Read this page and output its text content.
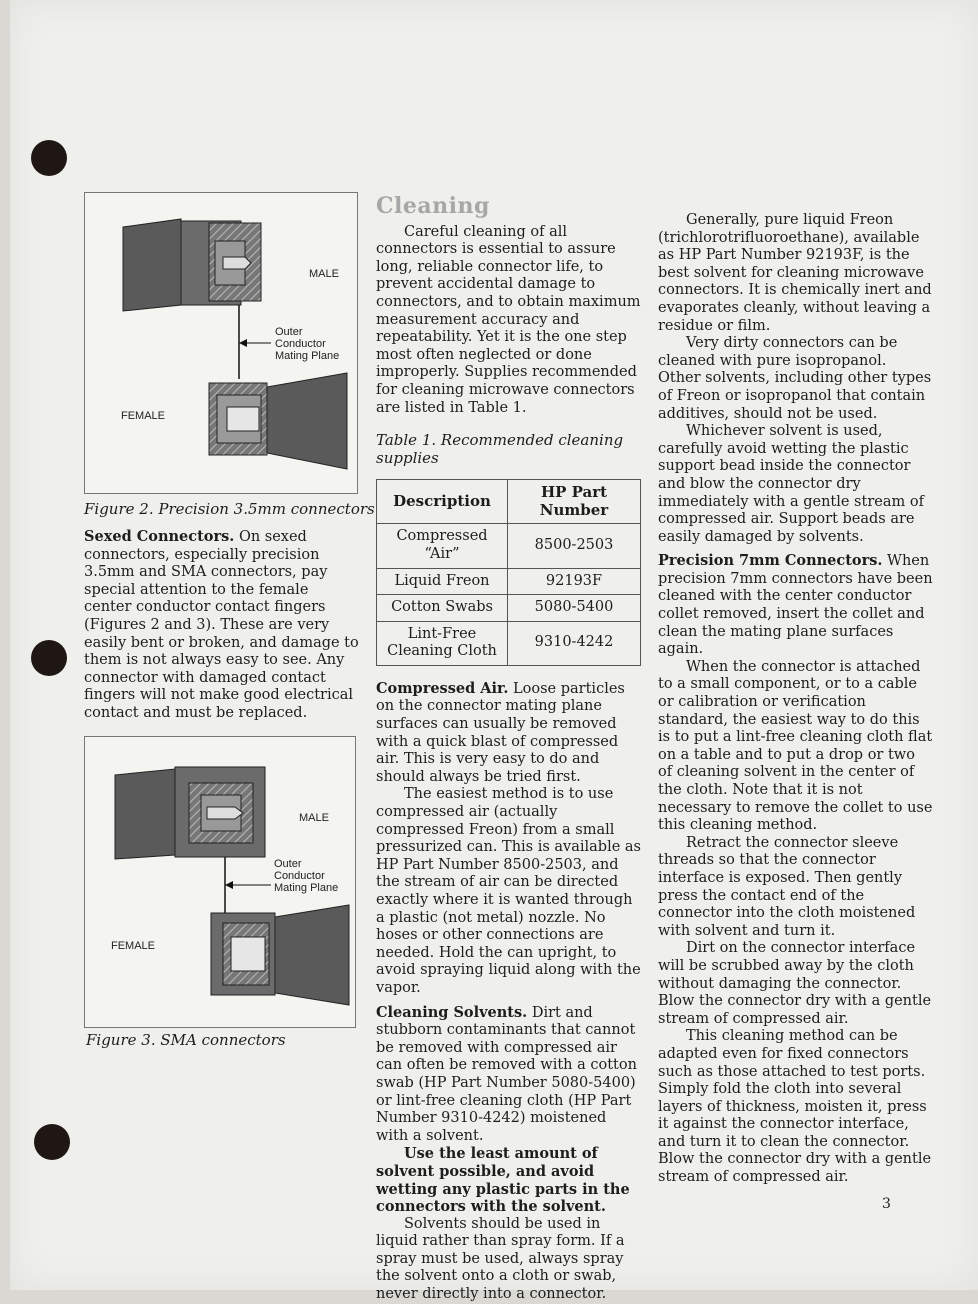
MALE
Outer
Conductor
Mating Plane
FEMALE
Figure 2. Precision 3.5mm connectors

Sexed Connectors. On sexed connectors, especially precision 3.5mm and SMA connectors, pay special attention to the female center conductor contact fingers (Figures 2 and 3). These are very easily bent or broken, and damage to them is not always easy to see. Any connector with damaged contact fingers will not make good electrical contact and must be replaced.

MALE
Outer
Conductor
Mating Plane
FEMALE
Figure 3. SMA connectors
Cleaning

Careful cleaning of all connectors is essential to assure long, reliable connector life, to prevent accidental damage to connectors, and to obtain maximum measurement accuracy and repeatability. Yet it is the one step most often neglected or done improperly. Supplies recommended for cleaning microwave connectors are listed in Table 1.

Table 1. Recommended cleaning supplies
Description	HP Part Number
Compressed “Air”	8500-2503
Liquid Freon	92193F
Cotton Swabs	5080-5400
Lint-Free Cleaning Cloth	9310-4242

Compressed Air. Loose particles on the connector mating plane surfaces can usually be removed with a quick blast of compressed air. This is very easy to do and should always be tried first.

The easiest method is to use compressed air (actually compressed Freon) from a small pressurized can. This is available as HP Part Number 8500-2503, and the stream of air can be directed exactly where it is wanted through a plastic (not metal) nozzle. No hoses or other connections are needed. Hold the can upright, to avoid spraying liquid along with the vapor.

Cleaning Solvents. Dirt and stubborn contaminants that cannot be removed with compressed air can often be removed with a cotton swab (HP Part Number 5080-5400) or lint-free cleaning cloth (HP Part Number 9310-4242) moistened with a solvent.

Use the least amount of solvent possible, and avoid wetting any plastic parts in the connectors with the solvent.

Solvents should be used in liquid rather than spray form. If a spray must be used, always spray the solvent onto a cloth or swab, never directly into a connector.

Generally, pure liquid Freon (trichlorotrifluoroethane), available as HP Part Number 92193F, is the best solvent for cleaning microwave connectors. It is chemically inert and evaporates cleanly, without leaving a residue or film.

Very dirty connectors can be cleaned with pure isopropanol. Other solvents, including other types of Freon or isopropanol that contain additives, should not be used.

Whichever solvent is used, carefully avoid wetting the plastic support bead inside the connector and blow the connector dry immediately with a gentle stream of compressed air. Support beads are easily damaged by solvents.

Precision 7mm Connectors. When precision 7mm connectors have been cleaned with the center conductor collet removed, insert the collet and clean the mating plane surfaces again.

When the connector is attached to a small component, or to a cable or calibration or verification standard, the easiest way to do this is to put a lint-free cleaning cloth flat on a table and to put a drop or two of cleaning solvent in the center of the cloth. Note that it is not necessary to remove the collet to use this cleaning method.

Retract the connector sleeve threads so that the connector interface is exposed. Then gently press the contact end of the connector into the cloth moistened with solvent and turn it.

Dirt on the connector interface will be scrubbed away by the cloth without damaging the connector. Blow the connector dry with a gentle stream of compressed air.

This cleaning method can be adapted even for fixed connectors such as those attached to test ports. Simply fold the cloth into several layers of thickness, moisten it, press it against the connector interface, and turn it to clean the connector. Blow the connector dry with a gentle stream of compressed air.

3
